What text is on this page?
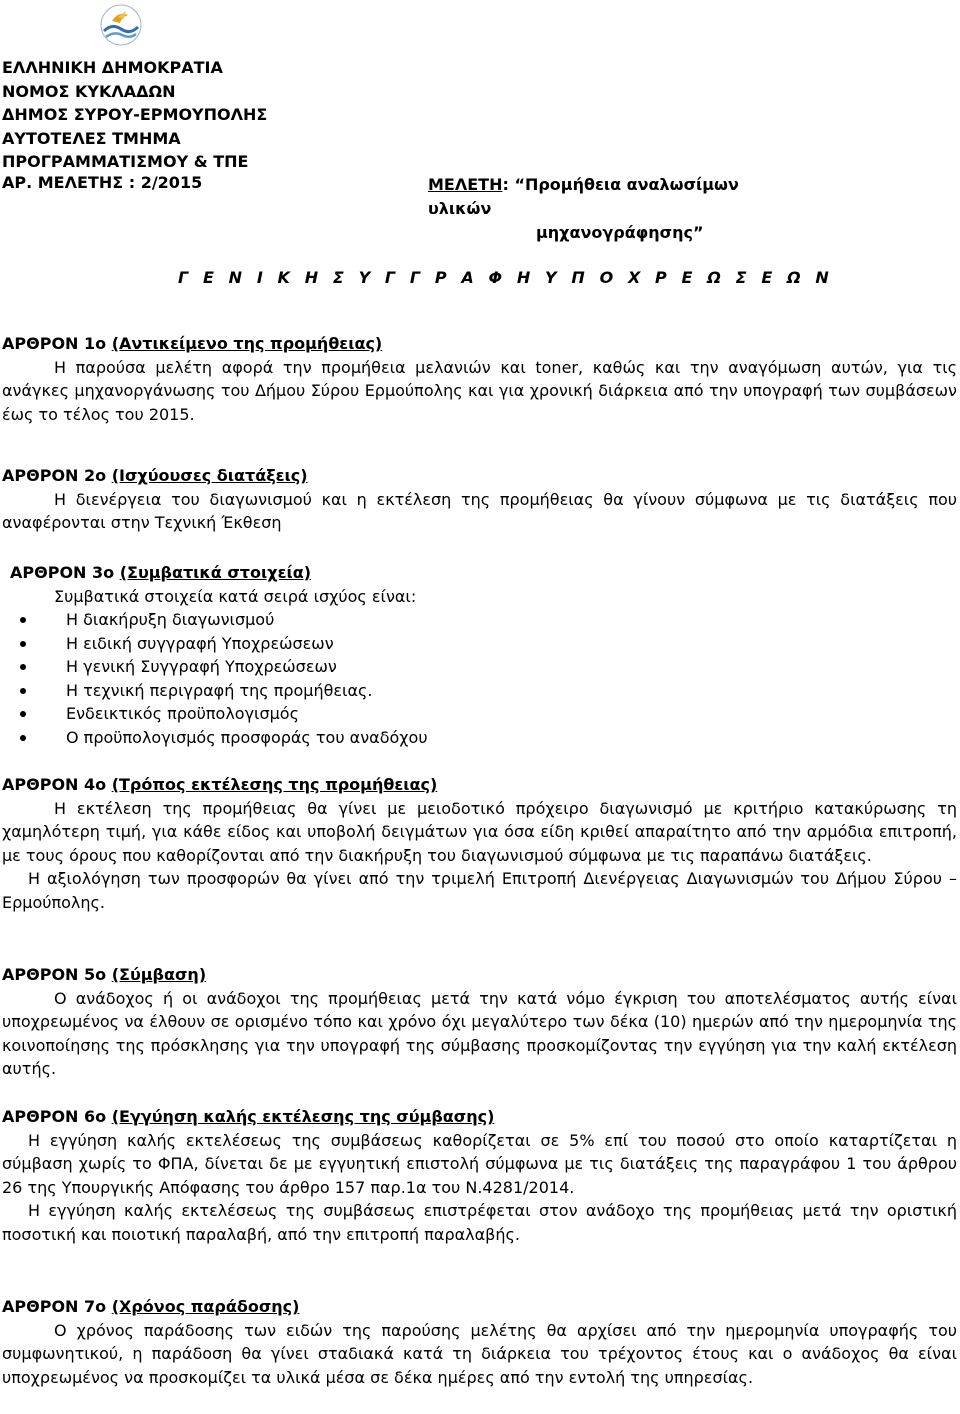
ΕΛΛΗΝΙΚΗ ΔΗΜΟΚΡΑΤΙΑ
ΝΟΜΟΣ ΚΥΚΛΑΔΩΝ
ΔΗΜΟΣ ΣΥΡΟΥ-ΕΡΜΟΥΠΟΛΗΣ
ΑΥΤΟΤΕΛΕΣ ΤΜΗΜΑ
ΠΡΟΓΡΑΜΜΑΤΙΣΜΟΥ & ΤΠΕ
ΑΡ. ΜΕΛΕΤΗΣ : 2/2015	ΜΕΛΕΤΗ: “Προμήθεια αναλωσίμων υλικών
μηχανογράφησης”
Γ Ε Ν Ι Κ Η Σ Υ Γ Γ Ρ Α Φ Η Υ Π Ο Χ Ρ Ε Ω Σ Ε Ω Ν
ΑΡΘΡΟΝ 1ο (Αντικείμενο της προμήθειας)
Η παρούσα μελέτη αφορά την προμήθεια μελανιών και toner, καθώς και την αναγόμωση αυτών, για τις ανάγκες μηχανοργάνωσης του Δήμου Σύρου Ερμούπολης και για χρονική διάρκεια από την υπογραφή των συμβάσεων έως το τέλος του 2015.
ΑΡΘΡΟΝ 2ο (Ισχύουσες διατάξεις)
Η διενέργεια του διαγωνισμού και η εκτέλεση της προμήθειας θα γίνουν σύμφωνα με τις διατάξεις που αναφέρονται στην Τεχνική Έκθεση
ΑΡΘΡΟΝ 3ο (Συμβατικά στοιχεία)
Συμβατικά στοιχεία κατά σειρά ισχύος είναι:
Η διακήρυξη διαγωνισμού
Η ειδική συγγραφή Υποχρεώσεων
Η γενική Συγγραφή Υποχρεώσεων
Η τεχνική περιγραφή της προμήθειας.
Ενδεικτικός προϋπολογισμός
Ο προϋπολογισμός προσφοράς του αναδόχου
ΑΡΘΡΟΝ 4ο (Τρόπος εκτέλεσης της προμήθειας)
Η εκτέλεση της προμήθειας θα γίνει με μειοδοτικό πρόχειρο διαγωνισμό με κριτήριο κατακύρωσης τη χαμηλότερη τιμή, για κάθε είδος και υποβολή δειγμάτων για όσα είδη κριθεί απαραίτητο από την αρμόδια επιτροπή, με τους όρους που καθορίζονται από την διακήρυξη του διαγωνισμού σύμφωνα με τις παραπάνω διατάξεις.
Η αξιολόγηση των προσφορών θα γίνει από την τριμελή Επιτροπή Διενέργειας Διαγωνισμών του Δήμου Σύρου – Ερμούπολης.
ΑΡΘΡΟΝ 5ο (Σύμβαση)
Ο ανάδοχος ή οι ανάδοχοι της προμήθειας μετά την κατά νόμο έγκριση του αποτελέσματος αυτής είναι υποχρεωμένος να έλθουν σε ορισμένο τόπο και χρόνο όχι μεγαλύτερο των δέκα (10) ημερών από την ημερομηνία της κοινοποίησης της πρόσκλησης για την υπογραφή της σύμβασης προσκομίζοντας την εγγύηση για την καλή εκτέλεση αυτής.
ΑΡΘΡΟΝ 6ο (Εγγύηση καλής εκτέλεσης της σύμβασης)
Η εγγύηση καλής εκτελέσεως της συμβάσεως καθορίζεται σε 5% επί του ποσού στο οποίο καταρτίζεται η σύμβαση χωρίς το ΦΠΑ, δίνεται δε με εγγυητική επιστολή σύμφωνα με τις διατάξεις της παραγράφου 1 του άρθρου 26 της Υπουργικής Απόφασης του άρθρο 157 παρ.1α του Ν.4281/2014.
Η εγγύηση καλής εκτελέσεως της συμβάσεως επιστρέφεται στον ανάδοχο της προμήθειας μετά την οριστική ποσοτική και ποιοτική παραλαβή, από την επιτροπή παραλαβής.
ΑΡΘΡΟΝ 7ο (Χρόνος παράδοσης)
Ο χρόνος παράδοσης των ειδών της παρούσης μελέτης θα αρχίσει από την ημερομηνία υπογραφής του συμφωνητικού, η παράδοση θα γίνει σταδιακά κατά τη διάρκεια του τρέχοντος έτους και ο ανάδοχος θα είναι υποχρεωμένος να προσκομίζει τα υλικά μέσα σε δέκα ημέρες από την εντολή της υπηρεσίας.
